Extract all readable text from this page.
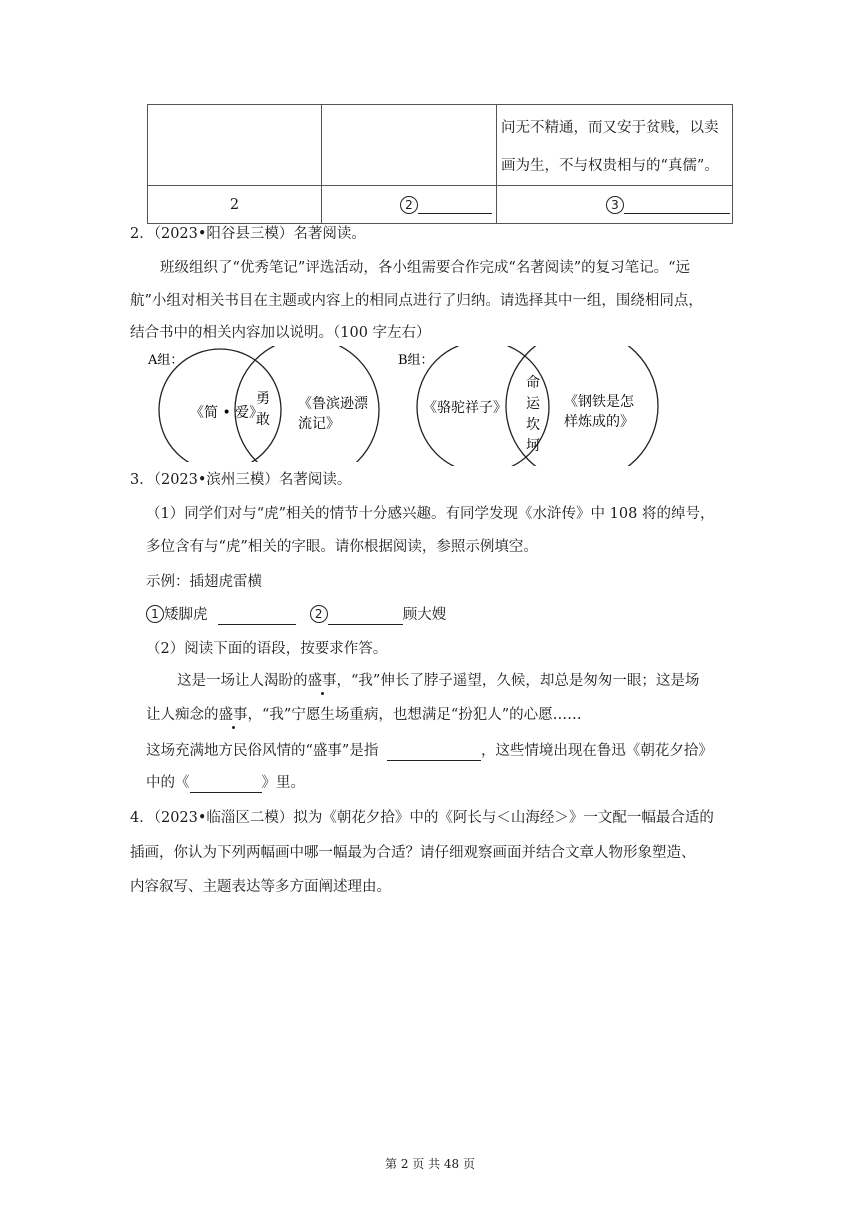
		问无不精通，而又安于贫贱，以卖
画为生，不与权贵相与的“真儒”。

2	2	3
2．（2023•阳谷县三模）名著阅读。
班级组织了“优秀笔记”评选活动，各小组需要合作完成“名著阅读”的复习笔记。“远
航”小组对相关书目在主题或内容上的相同点进行了归纳。请选择其中一组，围绕相同点，
结合书中的相关内容加以说明。（100 字左右）
A组：
《简 • 爱》
勇
敢
《鲁滨逊漂
流记》
B组：
《骆驼祥子》
命
运
坎
坷
《钢铁是怎
样炼成的》
3．（2023•滨州三模）名著阅读。
（1）同学们对与“虎”相关的情节十分感兴趣。有同学发现《水浒传》中 108 将的绰号，
多位含有与“虎”相关的字眼。请你根据阅读，参照示例填空。
示例：插翅虎雷横
1 矮脚虎	2	顾大嫂
（2）阅读下面的语段，按要求作答。
这是一场让人渴盼的盛事，“我”伸长了脖子遥望，久候，却总是匆匆一眼；这是场
让人痴念的盛事，“我”宁愿生场重病，也想满足“扮犯人”的心愿……
这场充满地方民俗风情的“盛事”是指	，这些情境出现在鲁迅《朝花夕拾》
中的《	》里。
4．（2023•临淄区二模）拟为《朝花夕拾》中的《阿长与＜山海经＞》一文配一幅最合适的
插画，你认为下列两幅画中哪一幅最为合适？请仔细观察画面并结合文章人物形象塑造、
内容叙写、主题表达等多方面阐述理由。
第 2 页 共 48 页
